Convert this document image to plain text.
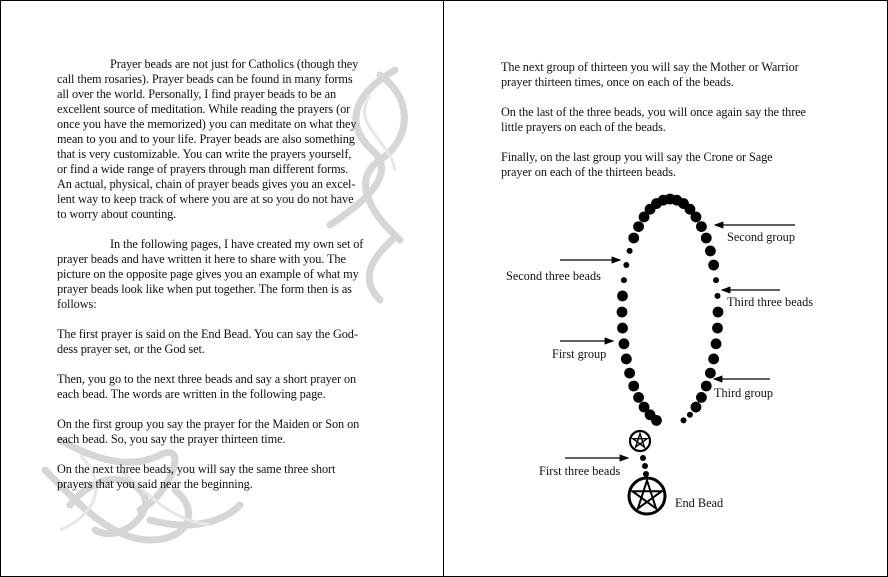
Prayer beads are not just for Catholics (though they
call them rosaries). Prayer beads can be found in many forms
all over the world. Personally, I find prayer beads to be an
excellent source of meditation. While reading the prayers (or
once you have the memorized) you can meditate on what they
mean to you and to your life. Prayer beads are also something
that is very customizable. You can write the prayers yourself,
or find a wide range of prayers through man different forms.
An actual, physical, chain of prayer beads gives you an excel-
lent way to keep track of where you are at so you do not have
to worry about counting.

In the following pages, I have created my own set of
prayer beads and have written it here to share with you. The
picture on the opposite page gives you an example of what my
prayer beads look like when put together. The form then is as
follows:

The first prayer is said on the End Bead. You can say the God-
dess prayer set, or the God set.

Then, you go to the next three beads and say a short prayer on
each bead. The words are written in the following page.

On the first group you say the prayer for the Maiden or Son on
each bead. So, you say the prayer thirteen time.

On the next three beads, you will say the same three short
prayers that you said near the beginning.

The next group of thirteen you will say the Mother or Warrior
prayer thirteen times, once on each of the beads.

On the last of the three beads, you will once again say the three
little prayers on each of the beads.

Finally, on the last group you will say the Crone or Sage
prayer on each of the thirteen beads.

Second group
Second three beads
Third three beads
First group
Third group
First three beads
End Bead
